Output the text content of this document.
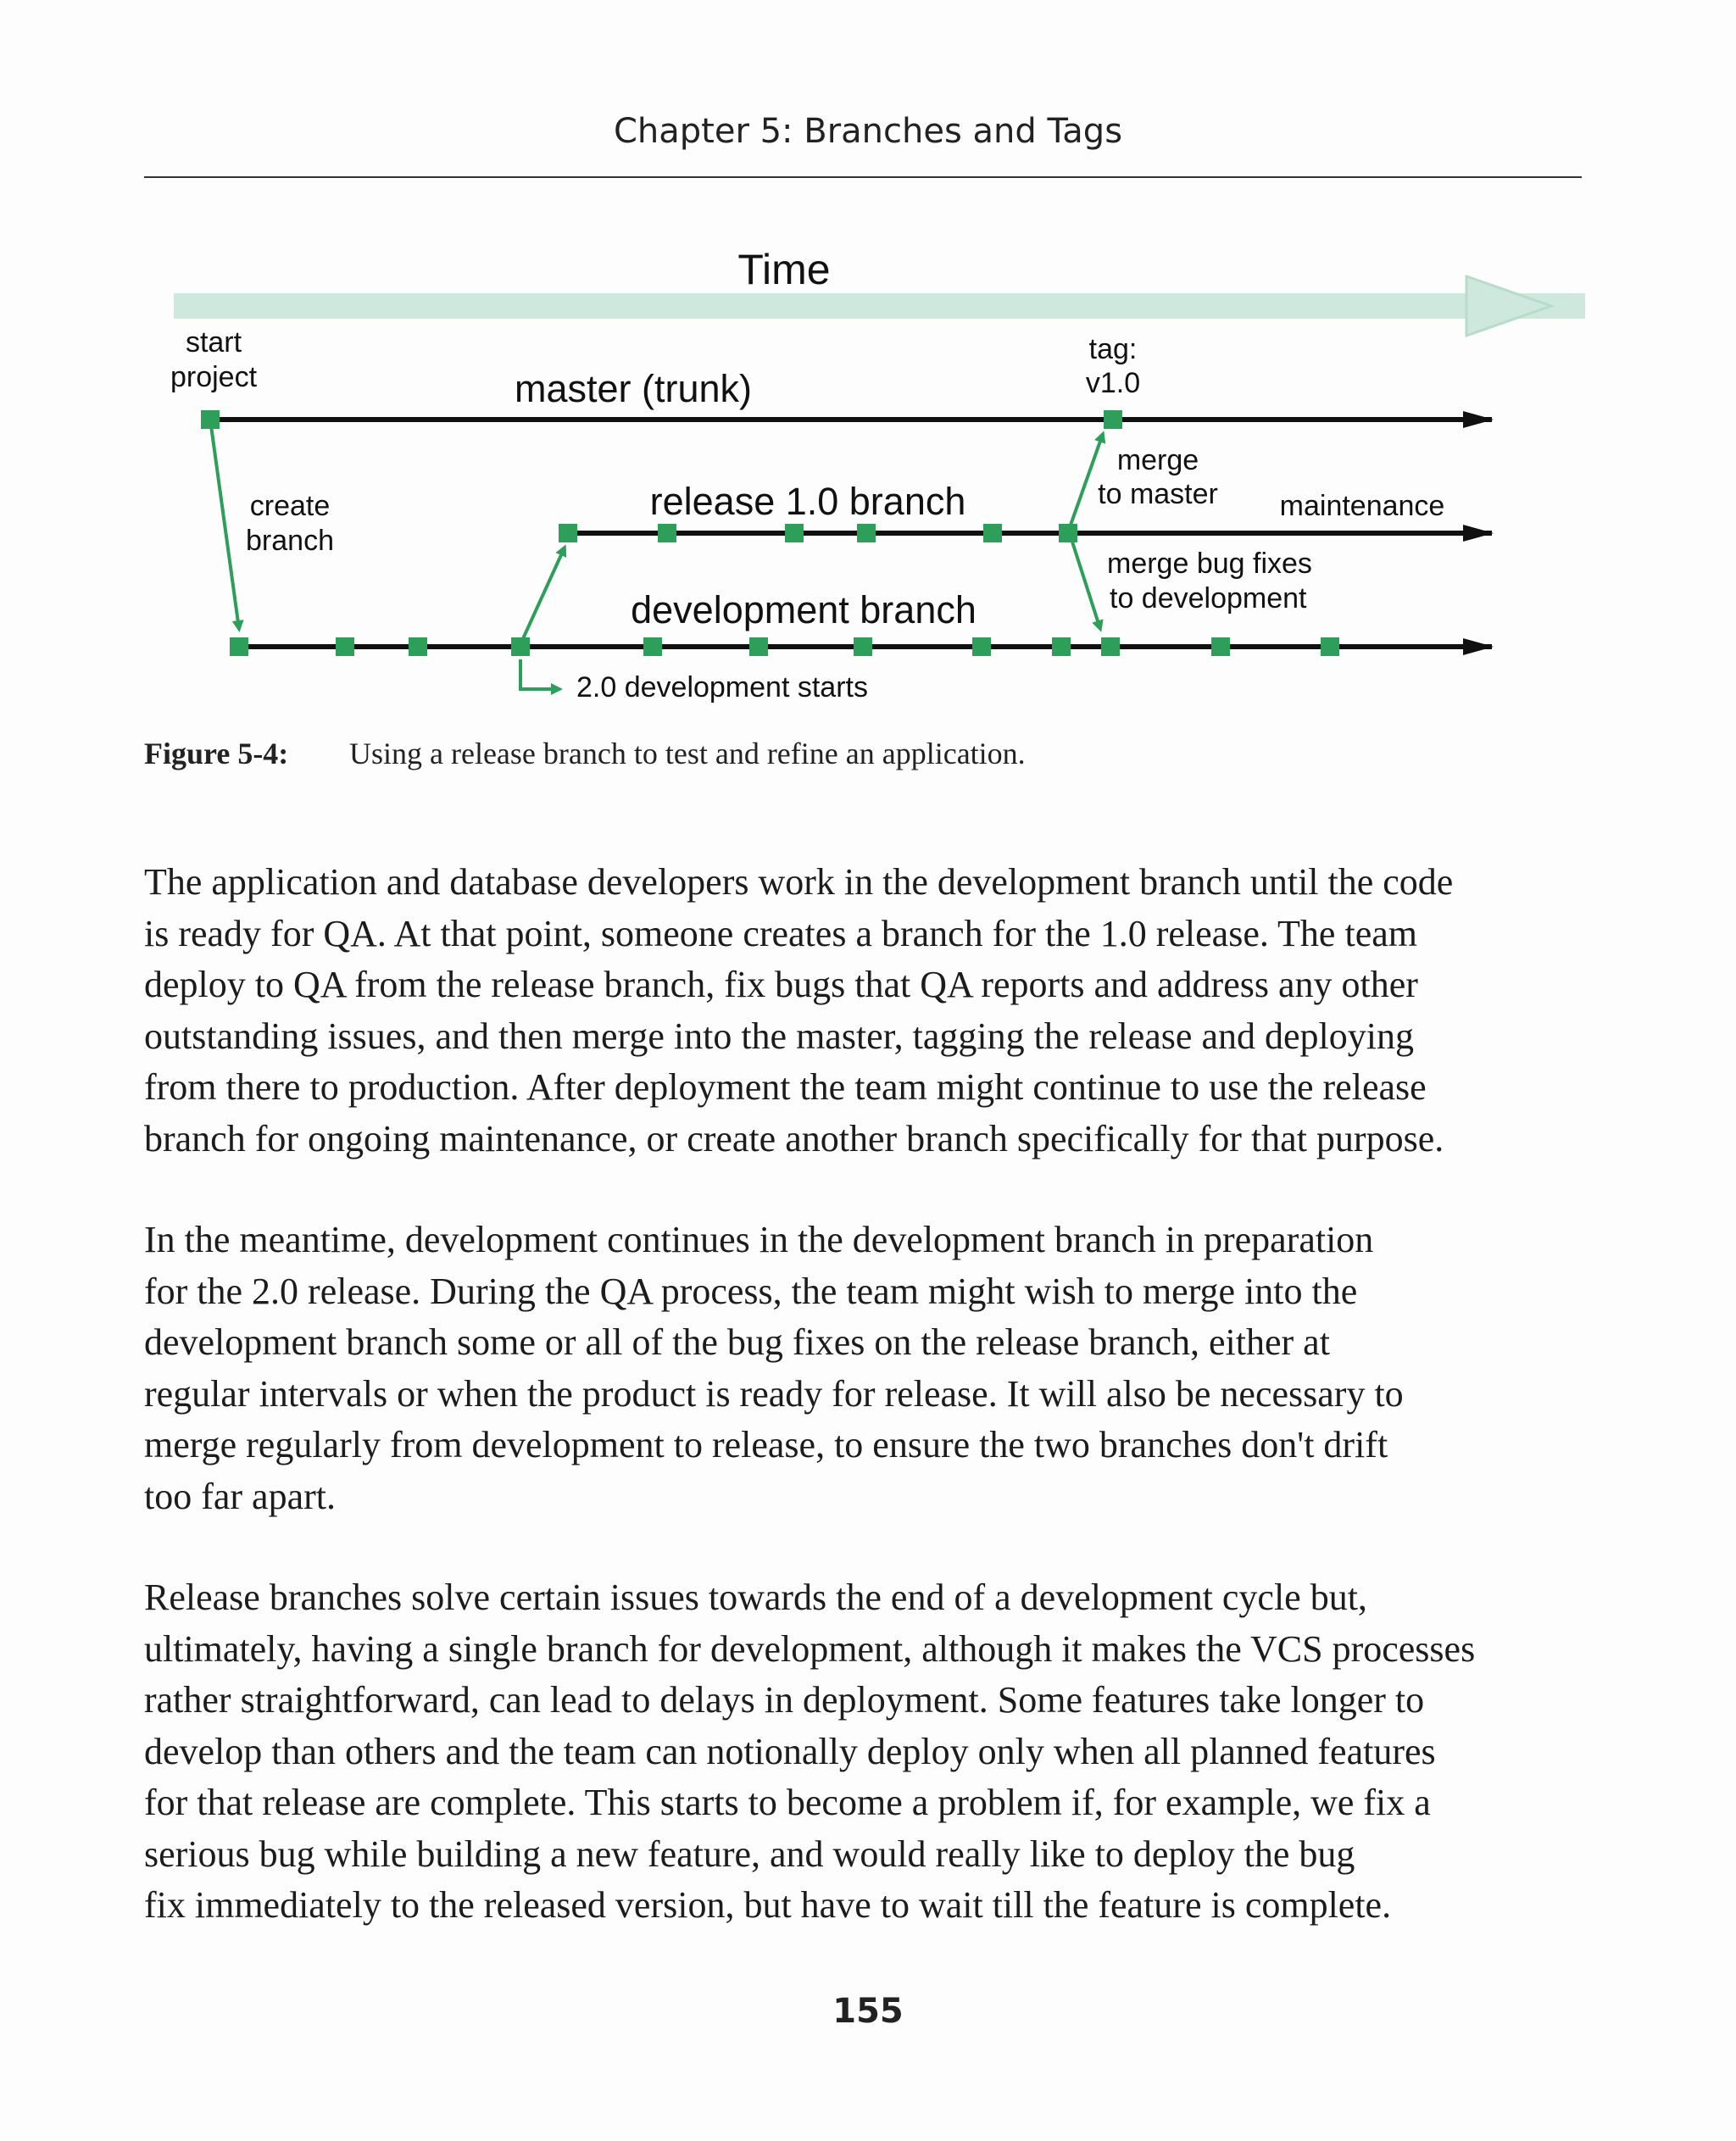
Chapter 5: Branches and Tags
Time
start
project	master (trunk)
tag:
v1.0
release 1.0 branch	maintenance
development branch
create
branch
merge
to master
merge bug fixes
to development
2.0 development starts
Figure 5-4: Using a release branch to test and refine an application.
The application and database developers work in the development branch until the code
is ready for QA. At that point, someone creates a branch for the 1.0 release. The team
deploy to QA from the release branch, fix bugs that QA reports and address any other
outstanding issues, and then merge into the master, tagging the release and deploying
from there to production. After deployment the team might continue to use the release
branch for ongoing maintenance, or create another branch specifically for that purpose.
In the meantime, development continues in the development branch in preparation
for the 2.0 release. During the QA process, the team might wish to merge into the
development branch some or all of the bug fixes on the release branch, either at
regular intervals or when the product is ready for release. It will also be necessary to
merge regularly from development to release, to ensure the two branches don't drift
too far apart.
Release branches solve certain issues towards the end of a development cycle but,
ultimately, having a single branch for development, although it makes the VCS processes
rather straightforward, can lead to delays in deployment. Some features take longer to
develop than others and the team can notionally deploy only when all planned features
for that release are complete. This starts to become a problem if, for example, we fix a
serious bug while building a new feature, and would really like to deploy the bug
fix immediately to the released version, but have to wait till the feature is complete.
155
